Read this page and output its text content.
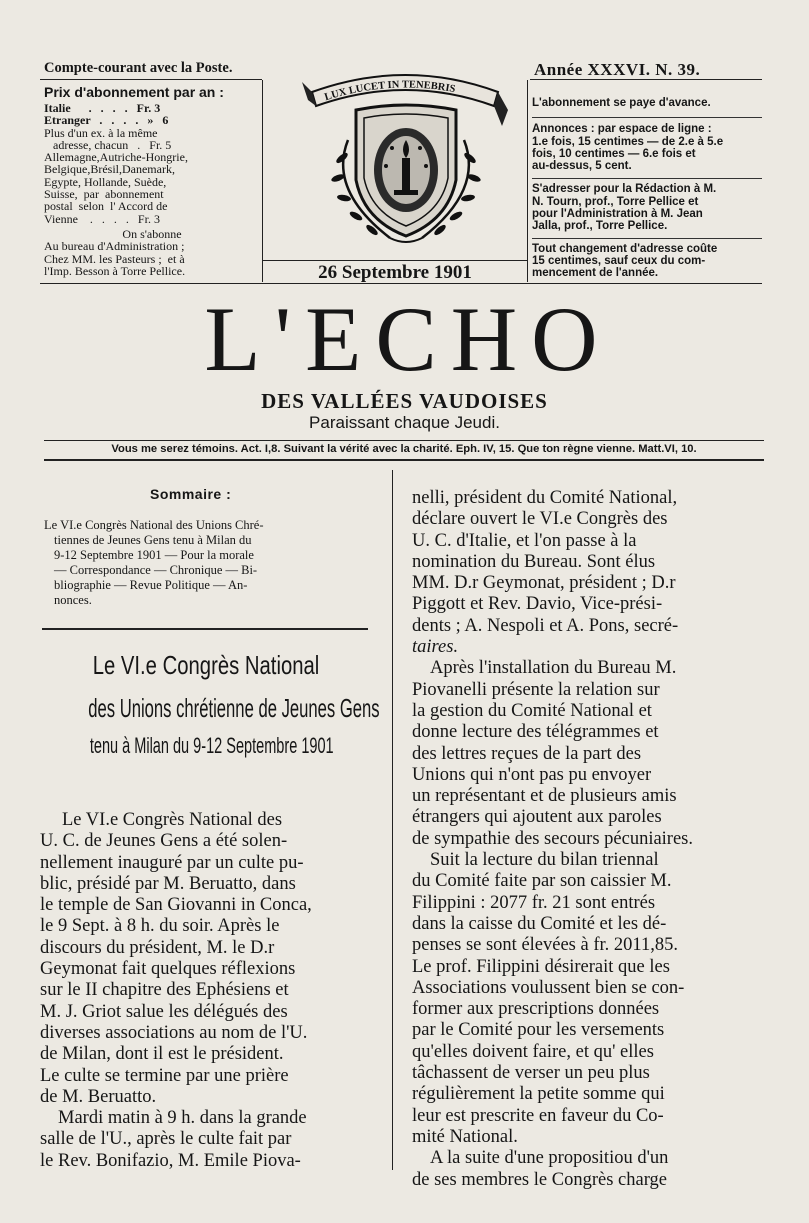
Compte-courant avec la Poste.
Prix d'abonnement par an :
Italie      .   .   .   .   Fr. 3
Etranger   .   .   .   .   »   6
Plus d'un ex. à la même
adresse, chacun   .   Fr. 5
Allemagne,Autriche-Hongrie,
Belgique,Brésil,Danemark,
Egypte, Hollande, Suède,
Suisse,  par  abonnement
postal  selon  l' Accord de
Vienne    .   .   .   .   Fr. 3
On s'abonne
Au bureau d'Administration ;
Chez MM. les Pasteurs ;  et à
l'Imp. Besson à Torre Pellice.
Année XXXVI. N. 39.
L'abonnement se paye d'avance.
Annonces : par espace de ligne :
1.e fois, 15 centimes — de 2.e à 5.e
fois, 10 centimes — 6.e fois et
au-dessus, 5 cent.
S'adresser pour la Rédaction à M.
N. Tourn, prof., Torre Pellice et
pour l'Administration à M. Jean
Jalla, prof., Torre Pellice.
Tout changement d'adresse coûte
15 centimes, sauf ceux du com-
mencement de l'année.
LUX LUCET IN TENEBRIS
26 Septembre 1901
L'ECHO
DES VALLÉES VAUDOISES
Paraissant chaque Jeudi.
Vous me serez témoins. Act. I,8. Suivant la vérité avec la charité. Eph. IV, 15. Que ton règne vienne. Matt.VI, 10.
Sommaire :
Le VI.e Congrès National des Unions Chré-
tiennes de Jeunes Gens tenu à Milan du
9-12 Septembre 1901 — Pour la morale
— Correspondance — Chronique — Bi-
bliographie — Revue Politique — An-
nonces.
Le VI.e Congrès National
des Unions chrétienne de Jeunes Gens
tenu à Milan du 9-12 Septembre 1901
Le VI.e Congrès National des
U. C. de Jeunes Gens a été solen-
nellement inauguré par un culte pu-
blic, présidé par M. Beruatto, dans
le temple de San Giovanni in Conca,
le 9 Sept. à 8 h. du soir. Après le
discours du président, M. le D.r
Geymonat fait quelques réflexions
sur le II chapitre des Ephésiens et
M. J. Griot salue les délégués des
diverses associations au nom de l'U.
de Milan, dont il est le président.
Le culte se termine par une prière
de M. Beruatto.
Mardi matin à 9 h. dans la grande
salle de l'U., après le culte fait par
le Rev. Bonifazio, M. Emile Piova-
nelli, président du Comité National,
déclare ouvert le VI.e Congrès des
U. C. d'Italie, et l'on passe à la
nomination du Bureau. Sont élus
MM. D.r Geymonat, président ; D.r
Piggott et Rev. Davio, Vice-prési-
dents ; A. Nespoli et A. Pons, secré-
taires.
Après l'installation du Bureau M.
Piovanelli présente la relation sur
la gestion du Comité National et
donne lecture des télégrammes et
des lettres reçues de la part des
Unions qui n'ont pas pu envoyer
un représentant et de plusieurs amis
étrangers qui ajoutent aux paroles
de sympathie des secours pécuniaires.
Suit la lecture du bilan triennal
du Comité faite par son caissier M.
Filippini : 2077 fr. 21 sont entrés
dans la caisse du Comité et les dé-
penses se sont élevées à fr. 2011,85.
Le prof. Filippini désirerait que les
Associations voulussent bien se con-
former aux prescriptions données
par le Comité pour les versements
qu'elles doivent faire, et qu' elles
tâchassent de verser un peu plus
régulièrement la petite somme qui
leur est prescrite en faveur du Co-
mité National.
A la suite d'une propositiou d'un
de ses membres le Congrès charge
